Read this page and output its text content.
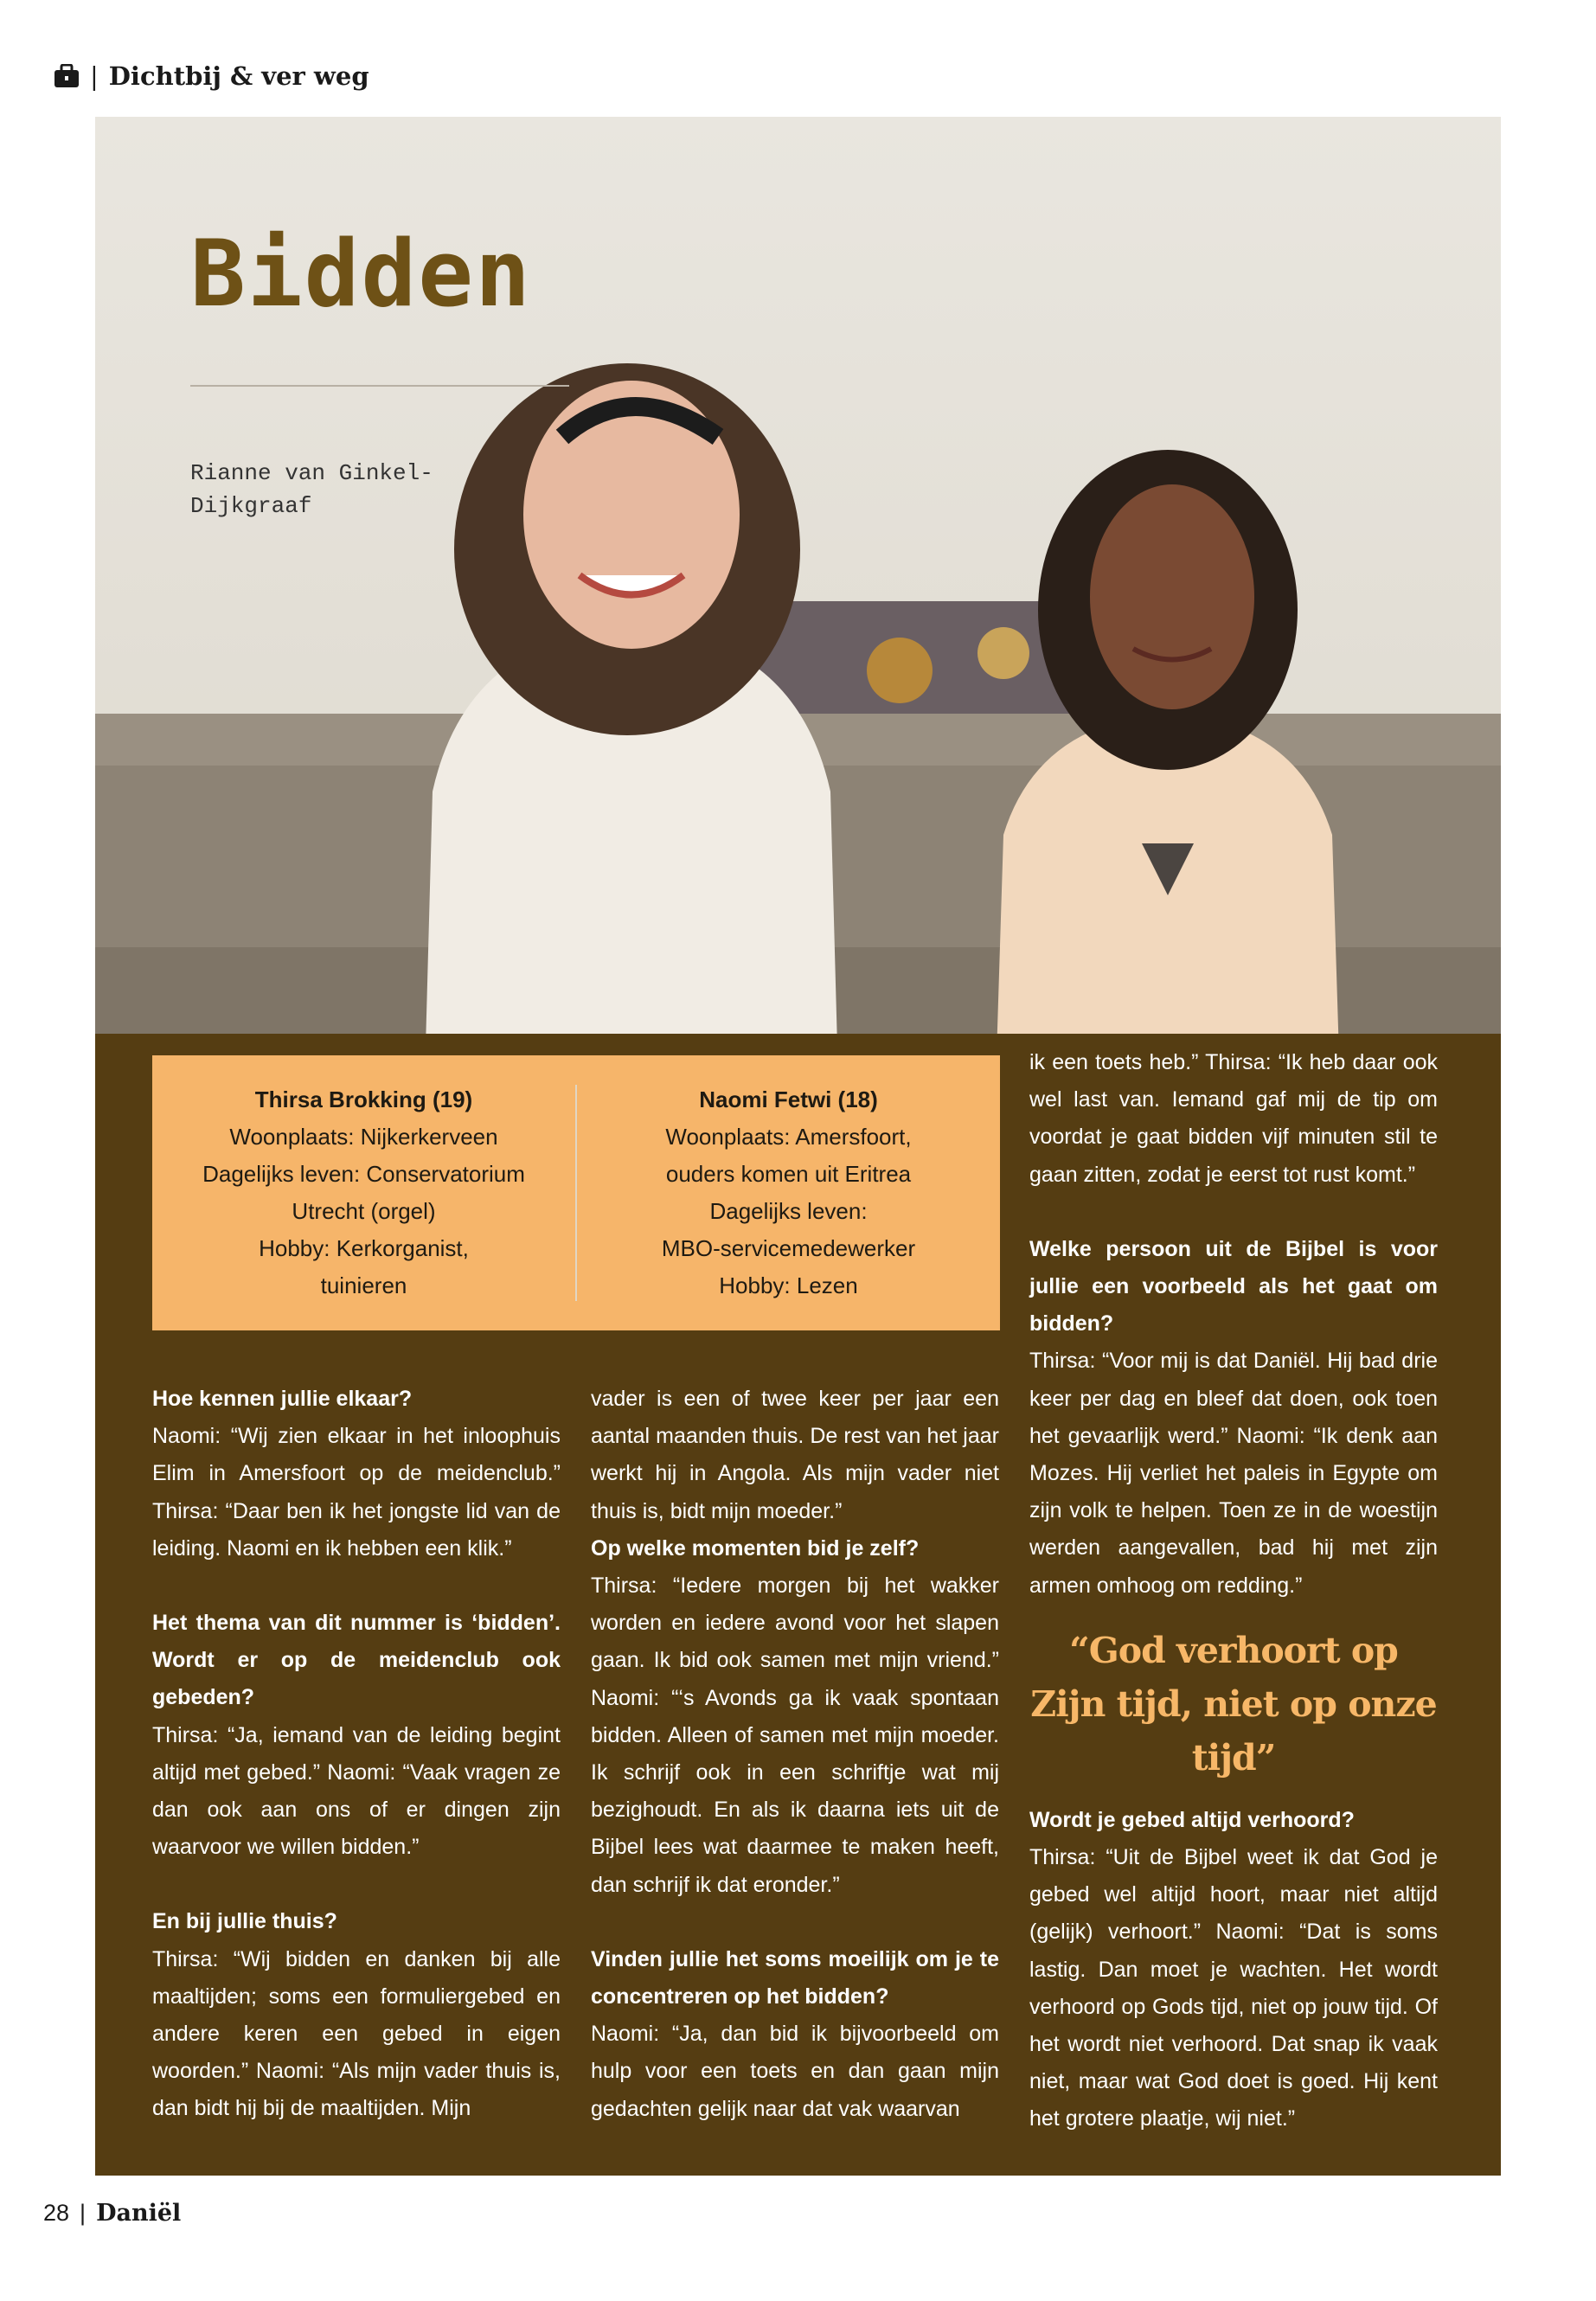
| Dichtbij & ver weg
Bidden
Rianne van Ginkel-Dijkgraaf
Thirsa Brokking (19)
Woonplaats: Nijkerkerveen
Dagelijks leven: Conservatorium
Utrecht (orgel)
Hobby: Kerkorganist,
tuinieren
Naomi Fetwi (18)
Woonplaats: Amersfoort,
ouders komen uit Eritrea
Dagelijks leven:
MBO-servicemedewerker
Hobby: Lezen

Hoe kennen jullie elkaar?

Naomi: “Wij zien elkaar in het inloophuis Elim in Amersfoort op de meidenclub.” Thirsa: “Daar ben ik het jongste lid van de leiding. Naomi en ik hebben een klik.”

Het thema van dit nummer is ‘bidden’. Wordt er op de meidenclub ook gebeden?

Thirsa: “Ja, iemand van de leiding begint altijd met gebed.” Naomi: “Vaak vragen ze dan ook aan ons of er dingen zijn waarvoor we willen bidden.”

En bij jullie thuis?

Thirsa: “Wij bidden en danken bij alle maaltijden; soms een formuliergebed en andere keren een gebed in eigen woorden.” Naomi: “Als mijn vader thuis is, dan bidt hij bij de maaltijden. Mijn

vader is een of twee keer per jaar een aantal maanden thuis. De rest van het jaar werkt hij in Angola. Als mijn vader niet thuis is, bidt mijn moeder.”

Op welke momenten bid je zelf?

Thirsa: “Iedere morgen bij het wakker worden en iedere avond voor het slapen gaan. Ik bid ook samen met mijn vriend.” Naomi: “‘s Avonds ga ik vaak spontaan bidden. Alleen of samen met mijn moeder. Ik schrijf ook in een schriftje wat mij bezighoudt. En als ik daarna iets uit de Bijbel lees wat daarmee te maken heeft, dan schrijf ik dat eronder.”

Vinden jullie het soms moeilijk om je te concentreren op het bidden?

Naomi: “Ja, dan bid ik bijvoorbeeld om hulp voor een toets en dan gaan mijn gedachten gelijk naar dat vak waarvan

ik een toets heb.” Thirsa: “Ik heb daar ook wel last van. Iemand gaf mij de tip om voordat je gaat bidden vijf minuten stil te gaan zitten, zodat je eerst tot rust komt.”

Welke persoon uit de Bijbel is voor jullie een voorbeeld als het gaat om bidden?

Thirsa: “Voor mij is dat Daniël. Hij bad drie keer per dag en bleef dat doen, ook toen het gevaarlijk werd.” Naomi: “Ik denk aan Mozes. Hij verliet het paleis in Egypte om zijn volk te helpen. Toen ze in de woestijn werden aangevallen, bad hij met zijn armen omhoog om redding.”

“God verhoort op Zijn tijd, niet op onze tijd”

Wordt je gebed altijd verhoord?

Thirsa: “Uit de Bijbel weet ik dat God je gebed wel altijd hoort, maar niet altijd (gelijk) verhoort.” Naomi: “Dat is soms lastig. Dan moet je wachten. Het wordt verhoord op Gods tijd, niet op jouw tijd. Of het wordt niet verhoord. Dat snap ik vaak niet, maar wat God doet is goed. Hij kent het grotere plaatje, wij niet.”

28 | Daniël
